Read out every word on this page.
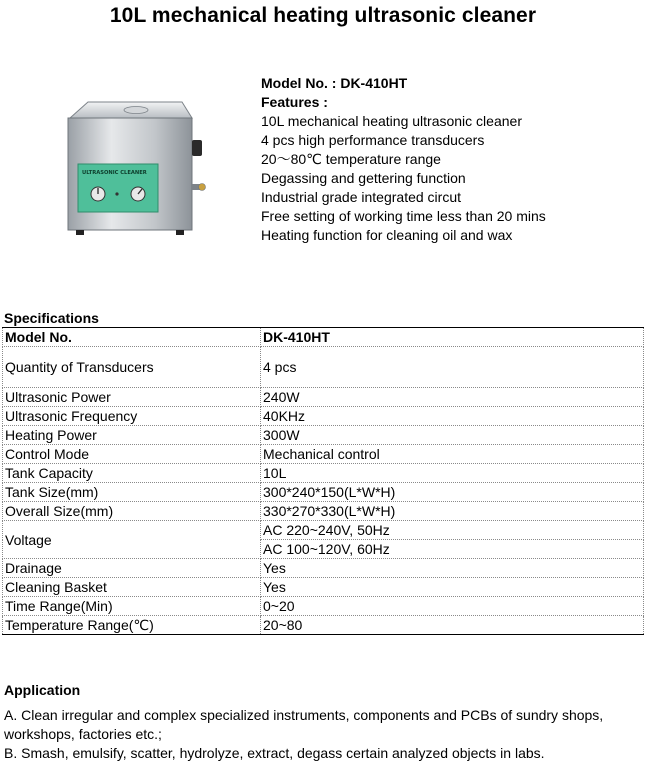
10L mechanical heating ultrasonic cleaner
ULTRASONIC CLEANER
Model No. : DK-410HT
Features :
10L mechanical heating ultrasonic cleaner
4 pcs high performance transducers
20〜80℃ temperature range
Degassing and gettering function
Industrial grade integrated circut
Free setting of working time less than 20 mins
Heating function for cleaning oil and wax
Specifications
Model No.	DK-410HT
Quantity of Transducers	4 pcs
Ultrasonic Power	240W
Ultrasonic Frequency	40KHz
Heating Power	300W
Control Mode	Mechanical control
Tank Capacity	10L
Tank Size(mm)	300*240*150(L*W*H)
Overall Size(mm)	330*270*330(L*W*H)
Voltage	AC 220~240V, 50Hz
	AC 100~120V, 60Hz
Drainage	Yes
Cleaning Basket	Yes
Time Range(Min)	0~20
Temperature Range(℃)	20~80
Application
A. Clean irregular and complex specialized instruments, components and PCBs of sundry shops, workshops, factories etc.;
B. Smash, emulsify, scatter, hydrolyze, extract, degass certain analyzed objects in labs.
